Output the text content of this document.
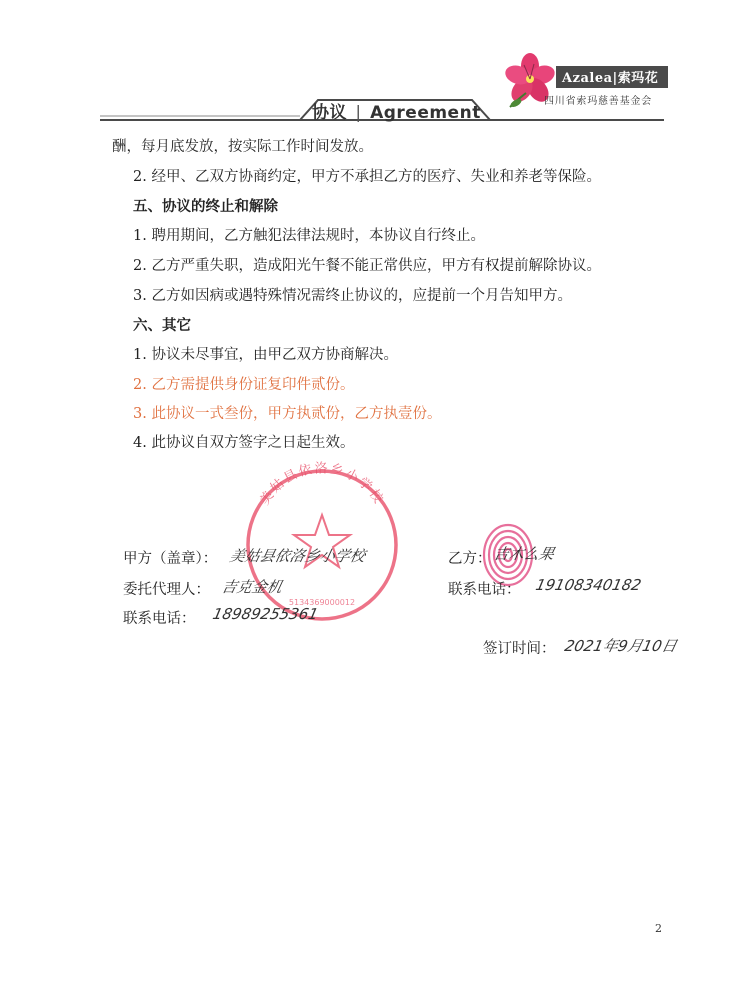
协议 | Agreement
Azalea|索玛花
四川省索玛慈善基金会
酬，每月底发放，按实际工作时间发放。
2. 经甲、乙双方协商约定，甲方不承担乙方的医疗、失业和养老等保险。
五、协议的终止和解除
1. 聘用期间，乙方触犯法律法规时，本协议自行终止。
2. 乙方严重失职，造成阳光午餐不能正常供应，甲方有权提前解除协议。
3. 乙方如因病或遇特殊情况需终止协议的，应提前一个月告知甲方。
六、其它
1. 协议未尽事宜，由甲乙双方协商解决。
2. 乙方需提供身份证复印件贰份。
3. 此协议一式叁份，甲方执贰份，乙方执壹份。
4. 此协议自双方签字之日起生效。
美姑县依洛乡小学校
5134369000012
甲方（盖章）： 美姑县依洛乡小学校	乙方： 吉木么果
委托代理人： 吉克金机	联系电话： 19108340182
联系电话： 18989255361
签订时间： 2021年9月10日
2
